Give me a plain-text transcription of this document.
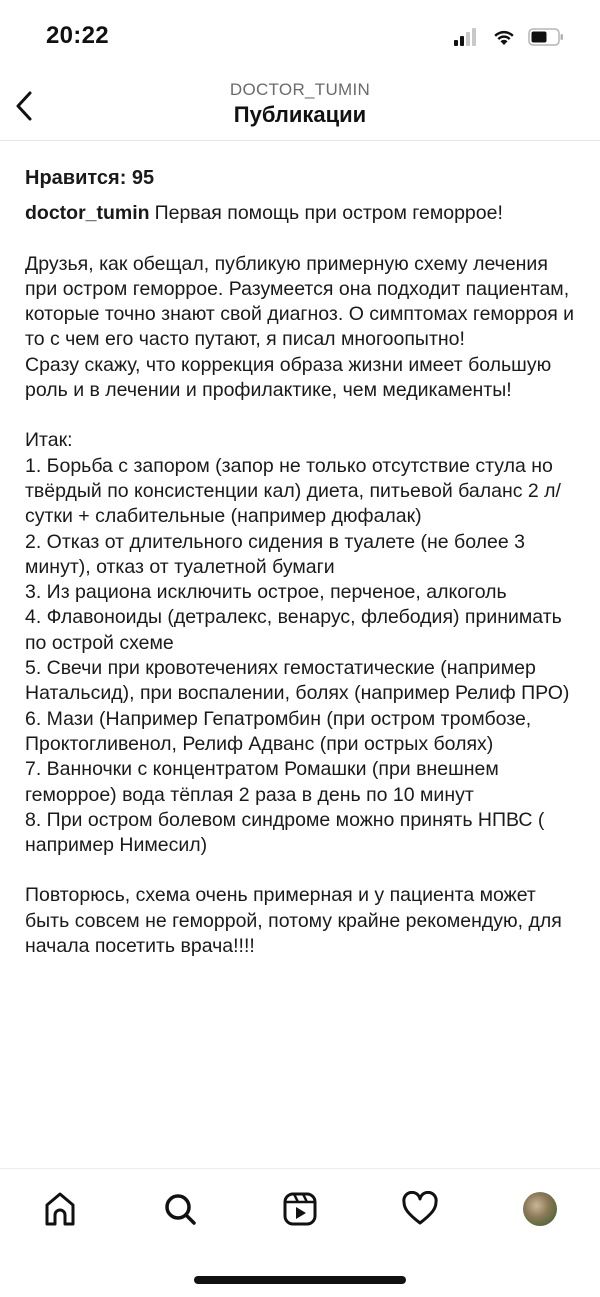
20:22
DOCTOR_TUMIN
Публикации
Нравится: 95
doctor_tumin Первая помощь при остром геморрое!

Друзья, как обещал, публикую примерную схему лечения при остром геморрое. Разумеется она подходит пациентам, которые точно знают свой диагноз. О симптомах геморроя и то с чем его часто путают, я писал многоопытно!

Сразу скажу, что коррекция образа жизни имеет большую роль и в лечении и профилактике, чем медикаменты!

Итак:

1. Борьба с запором (запор не только отсутствие стула но твёрдый по консистенции кал) диета, питьевой баланс 2 л/сутки + слабительные (например дюфалак)

2. Отказ от длительного сидения в туалете (не более 3 минут), отказ от туалетной бумаги

3. Из рациона исключить острое, перченое, алкоголь

4. Флавоноиды (детралекс, венарус, флебодия) принимать по острой схеме

5. Свечи при кровотечениях гемостатические (например Натальсид), при воспалении, болях (например Релиф ПРО)

6. Мази (Например Гепатромбин (при остром тромбозе, Проктогливенол, Релиф Адванс (при острых болях)

7. Ванночки с концентратом Ромашки (при внешнем геморрое) вода тёплая 2 раза в день по 10 минут

8. При остром болевом синдроме можно принять НПВС ( например Нимесил)

Повторюсь, схема очень примерная и у пациента может быть совсем не геморрой, потому крайне рекомендую, для начала посетить врача!!!!
